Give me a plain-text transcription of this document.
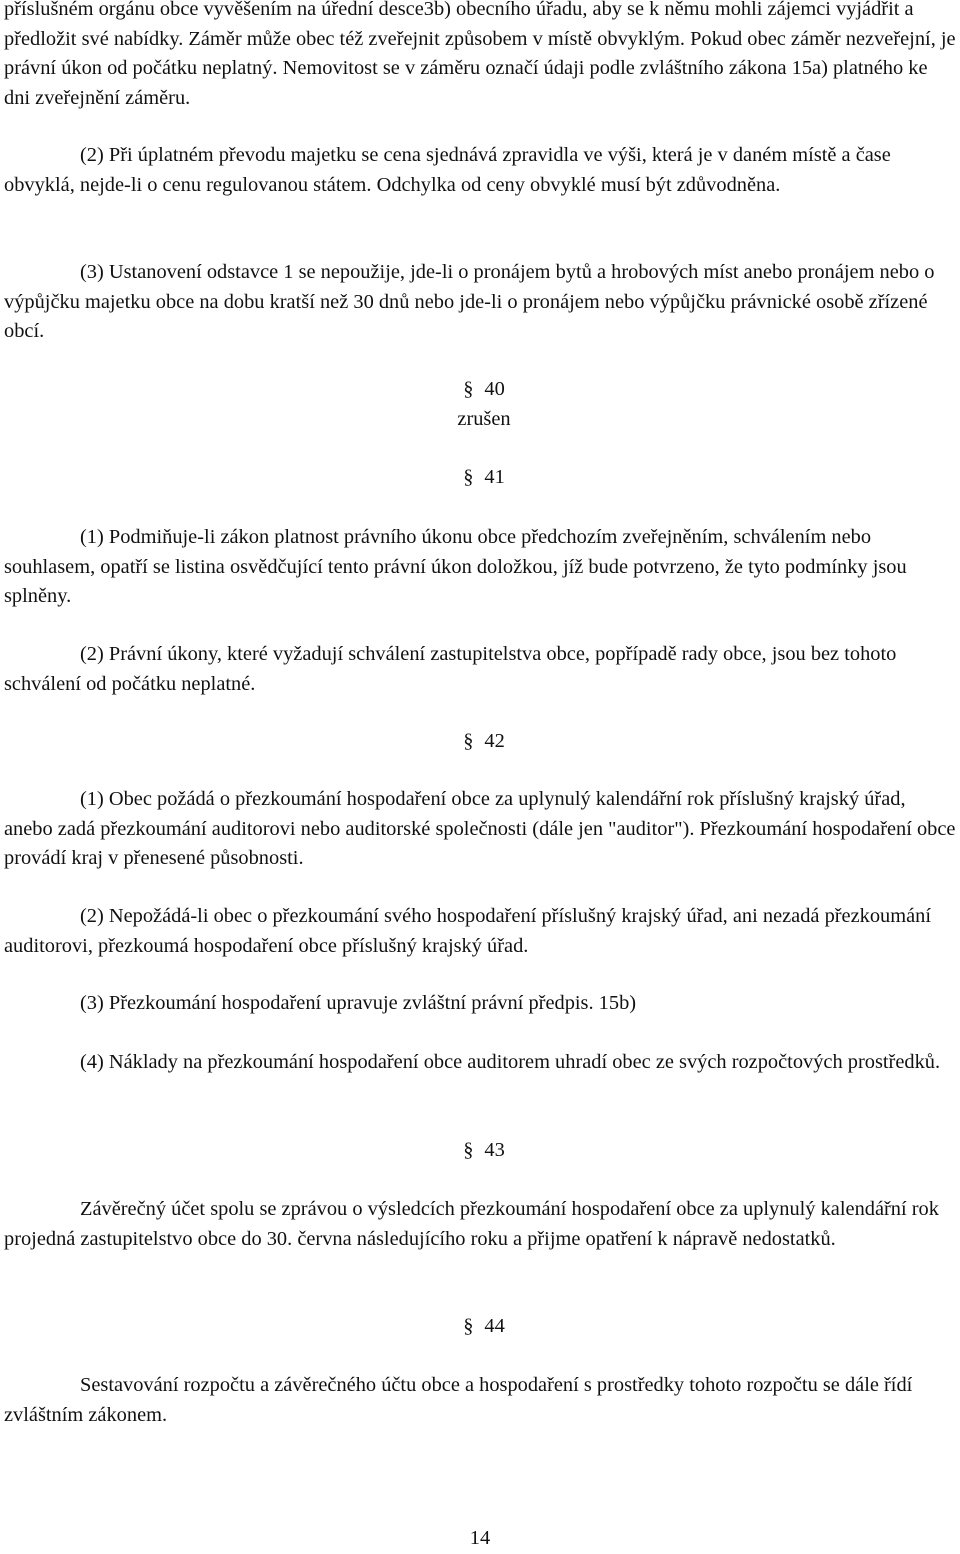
příslušném orgánu obce vyvěšením na úřední desce3b) obecního úřadu, aby se k němu mohli zájemci vyjádřit a předložit své nabídky. Záměr může obec též zveřejnit způsobem v místě obvyklým. Pokud obec záměr nezveřejní, je právní úkon od počátku neplatný. Nemovitost se v záměru označí údaji podle zvláštního zákona 15a) platného ke dni zveřejnění záměru.

(2) Při úplatném převodu majetku se cena sjednává zpravidla ve výši, která je v daném místě a čase obvyklá, nejde-li o cenu regulovanou státem. Odchylka od ceny obvyklé musí být zdůvodněna.

(3) Ustanovení odstavce 1 se nepoužije, jde-li o pronájem bytů a hrobových míst anebo pronájem nebo o výpůjčku majetku obce na dobu kratší než 30 dnů nebo jde-li o pronájem nebo výpůjčku právnické osobě zřízené obcí.

§ 40
zrušen
§ 41

(1) Podmiňuje-li zákon platnost právního úkonu obce předchozím zveřejněním, schválením nebo souhlasem, opatří se listina osvědčující tento právní úkon doložkou, jíž bude potvrzeno, že tyto podmínky jsou splněny.

(2) Právní úkony, které vyžadují schválení zastupitelstva obce, popřípadě rady obce, jsou bez tohoto schválení od počátku neplatné.

§ 42

(1) Obec požádá o přezkoumání hospodaření obce za uplynulý kalendářní rok příslušný krajský úřad, anebo zadá přezkoumání auditorovi nebo auditorské společnosti (dále jen "auditor"). Přezkoumání hospodaření obce provádí kraj v přenesené působnosti.

(2) Nepožádá-li obec o přezkoumání svého hospodaření příslušný krajský úřad, ani nezadá přezkoumání auditorovi, přezkoumá hospodaření obce příslušný krajský úřad.

(3) Přezkoumání hospodaření upravuje zvláštní právní předpis. 15b)

(4) Náklady na přezkoumání hospodaření obce auditorem uhradí obec ze svých rozpočtových prostředků.

§ 43

Závěrečný účet spolu se zprávou o výsledcích přezkoumání hospodaření obce za uplynulý kalendářní rok projedná zastupitelstvo obce do 30. června následujícího roku a přijme opatření k nápravě nedostatků.

§ 44

Sestavování rozpočtu a závěrečného účtu obce a hospodaření s prostředky tohoto rozpočtu se dále řídí zvláštním zákonem.

14
